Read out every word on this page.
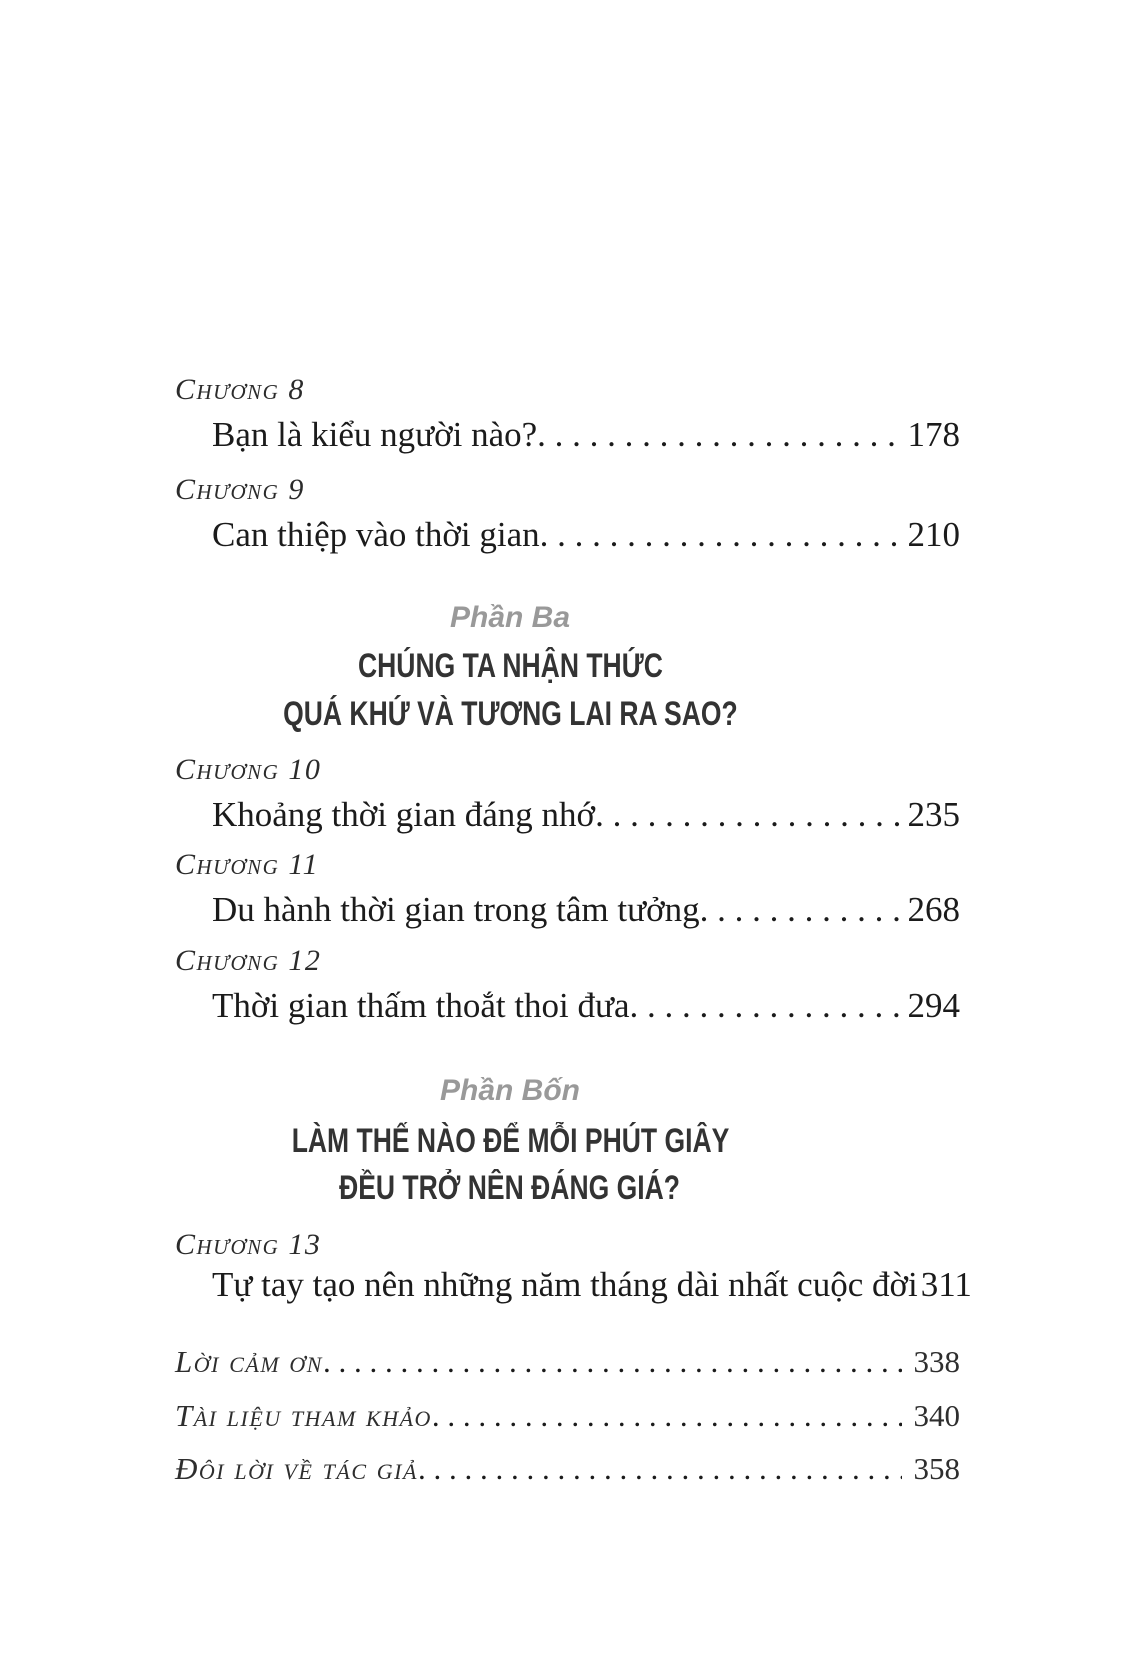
Chương 8
Bạn là kiểu người nào? . . .	178
Chương 9
Can thiệp vào thời gian . . .	210
Phần Ba
CHÚNG TA NHẬN THỨC
QUÁ KHỨ VÀ TƯƠNG LAI RA SAO?
Chương 10
Khoảng thời gian đáng nhớ . . .	235
Chương 11
Du hành thời gian trong tâm tưởng . . .	268
Chương 12
Thời gian thấm thoắt thoi đưa . . .	294
Phần Bốn
LÀM THẾ NÀO ĐỂ MỖI PHÚT GIÂY
ĐỀU TRỞ NÊN ĐÁNG GIÁ?
Chương 13
Tự tay tạo nên những năm tháng dài nhất cuộc đời 311
Lời cảm ơn . . .	338
Tài liệu tham khảo . . .	340
Đôi lời về tác giả . . .	358
